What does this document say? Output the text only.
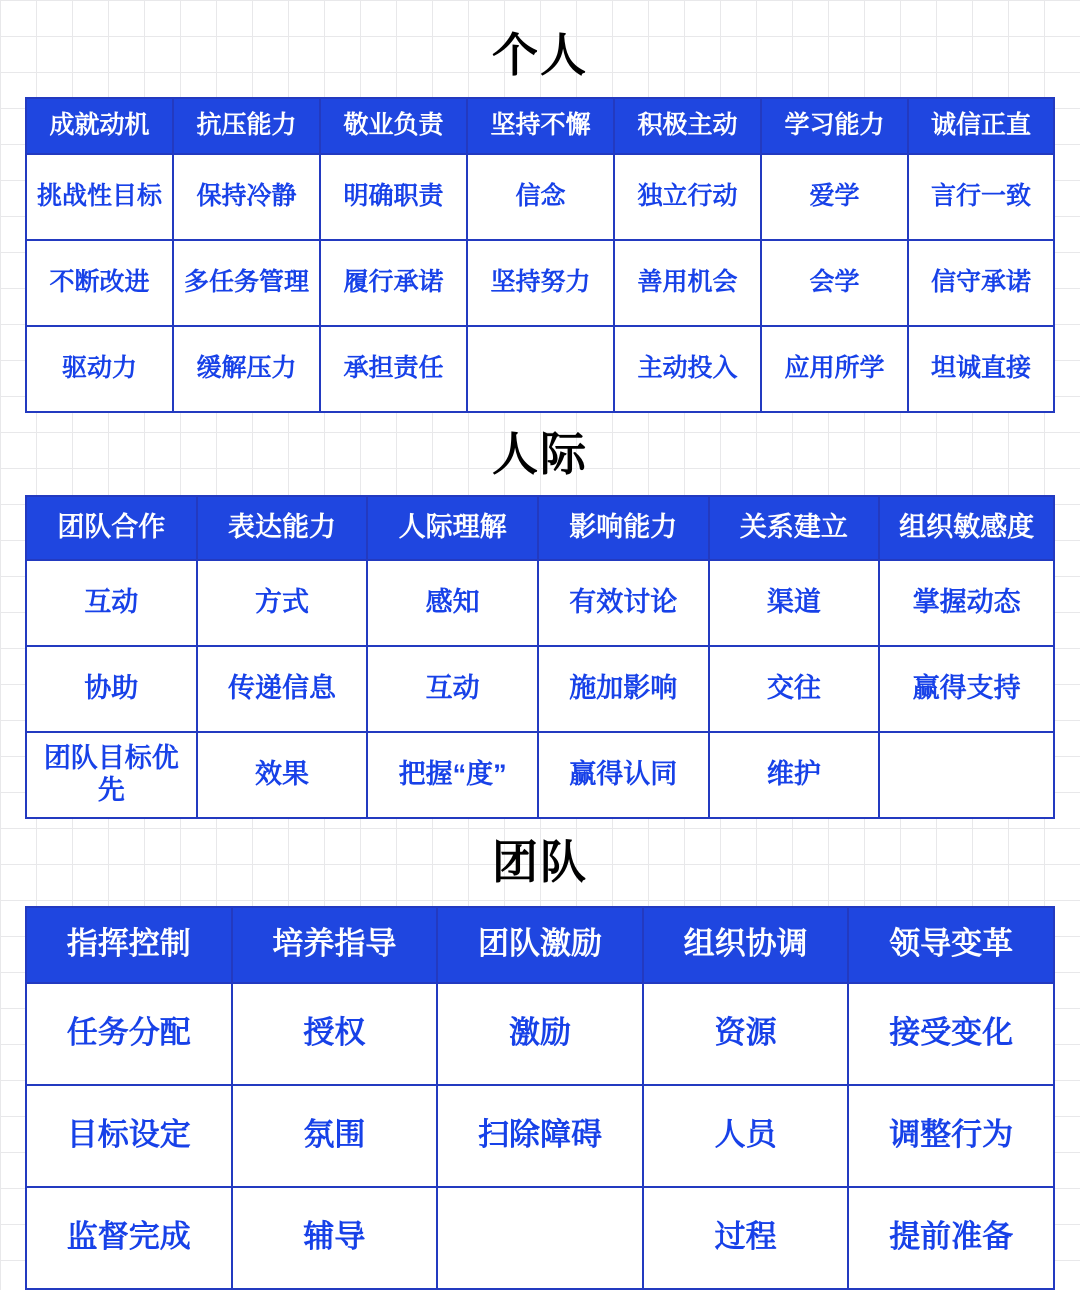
个人
成就动机	抗压能力	敬业负责	坚持不懈	积极主动	学习能力	诚信正直
挑战性目标	保持冷静	明确职责	信念	独立行动	爱学	言行一致
不断改进	多任务管理	履行承诺	坚持努力	善用机会	会学	信守承诺
驱动力	缓解压力	承担责任		主动投入	应用所学	坦诚直接
人际
团队合作	表达能力	人际理解	影响能力	关系建立	组织敏感度
互动	方式	感知	有效讨论	渠道	掌握动态
协助	传递信息	互动	施加影响	交往	赢得支持
团队目标优先	效果	把握“度”	赢得认同	维护	
团队
指挥控制	培养指导	团队激励	组织协调	领导变革
任务分配	授权	激励	资源	接受变化
目标设定	氛围	扫除障碍	人员	调整行为
监督完成	辅导		过程	提前准备
